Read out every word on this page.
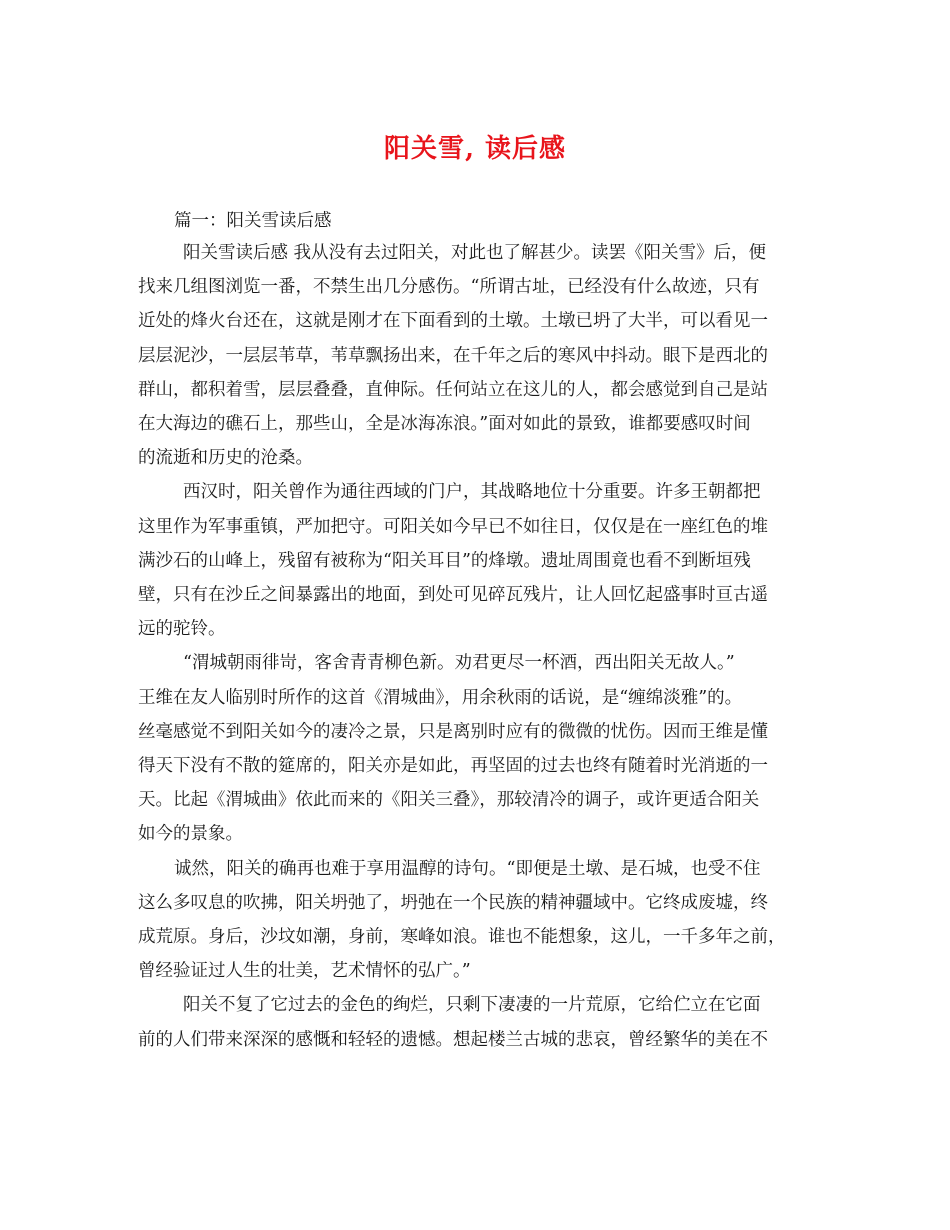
阳关雪, 读后感

篇一：阳关雪读后感

阳关雪读后感 我从没有去过阳关，对此也了解甚少。读罢《阳关雪》后，便
找来几组图浏览一番，不禁生出几分感伤。“所谓古址，已经没有什么故迹，只有
近处的烽火台还在，这就是刚才在下面看到的土墩。土墩已坍了大半，可以看见一
层层泥沙，一层层苇草，苇草飘扬出来，在千年之后的寒风中抖动。眼下是西北的
群山，都积着雪，层层叠叠，直伸际。任何站立在这儿的人，都会感觉到自己是站
在大海边的礁石上，那些山，全是冰海冻浪。”面对如此的景致，谁都要感叹时间
的流逝和历史的沧桑。
西汉时，阳关曾作为通往西域的门户，其战略地位十分重要。许多王朝都把
这里作为军事重镇，严加把守。可阳关如今早已不如往日，仅仅是在一座红色的堆
满沙石的山峰上，残留有被称为“阳关耳目”的烽墩。遗址周围竟也看不到断垣残
壁，只有在沙丘之间暴露出的地面，到处可见碎瓦残片，让人回忆起盛事时亘古遥
远的驼铃。
“渭城朝雨徘岢，客舍青青柳色新。劝君更尽一杯酒，西出阳关无故人。”
王维在友人临别时所作的这首《渭城曲》，用余秋雨的话说，是“缠绵淡雅”的。
丝毫感觉不到阳关如今的凄冷之景，只是离别时应有的微微的忧伤。因而王维是懂
得天下没有不散的筵席的，阳关亦是如此，再坚固的过去也终有随着时光消逝的一
天。比起《渭城曲》依此而来的《阳关三叠》，那较清冷的调子，或许更适合阳关
如今的景象。
诚然，阳关的确再也难于享用温醇的诗句。“即便是土墩、是石城，也受不住
这么多叹息的吹拂，阳关坍弛了，坍弛在一个民族的精神疆域中。它终成废墟，终
成荒原。身后，沙坟如潮，身前，寒峰如浪。谁也不能想象，这儿，一千多年之前，
曾经验证过人生的壮美，艺术情怀的弘广。”
阳关不复了它过去的金色的绚烂，只剩下凄凄的一片荒原，它给伫立在它面
前的人们带来深深的感慨和轻轻的遗憾。想起楼兰古城的悲哀，曾经繁华的美在不
